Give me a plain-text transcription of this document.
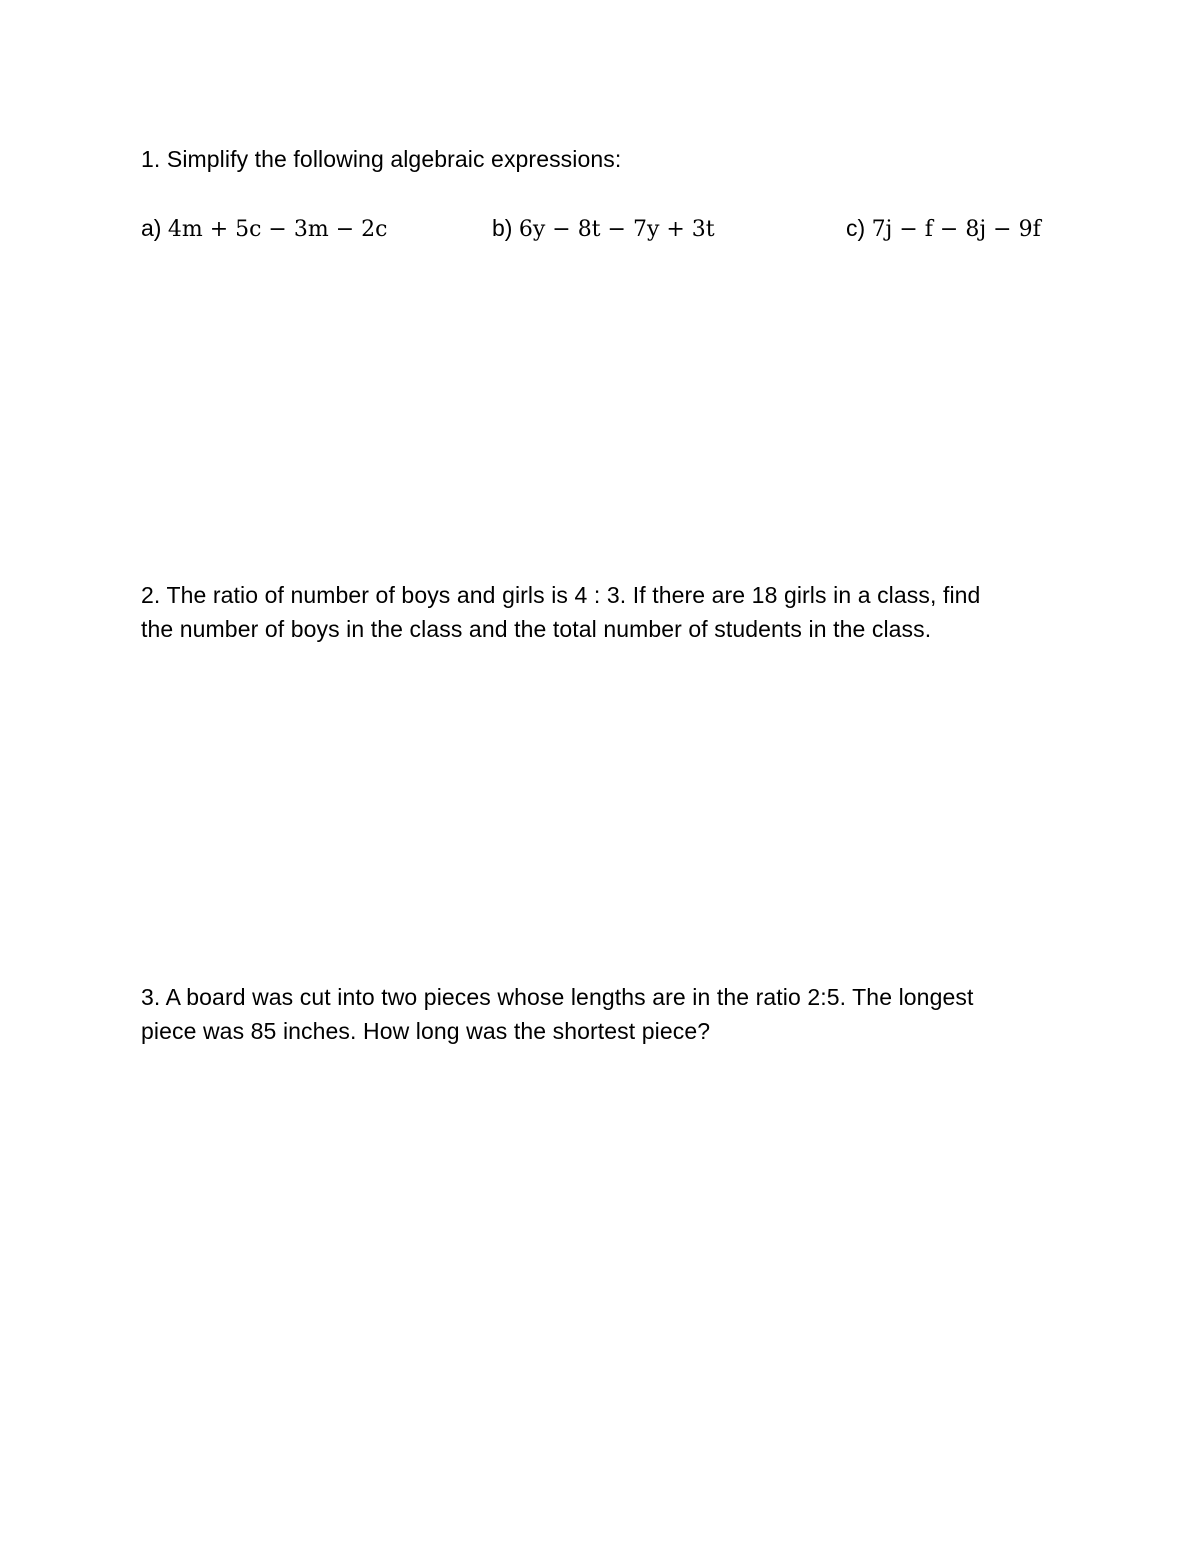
1. Simplify the following algebraic expressions:
a) 4m + 5c − 3m − 2c	b) 6y − 8t − 7y + 3t	c) 7j − f − 8j − 9f
2. The ratio of number of boys and girls is 4 : 3. If there are 18 girls in a class, find
the number of boys in the class and the total number of students in the class.
3. A board was cut into two pieces whose lengths are in the ratio 2:5. The longest
piece was 85 inches. How long was the shortest piece?
